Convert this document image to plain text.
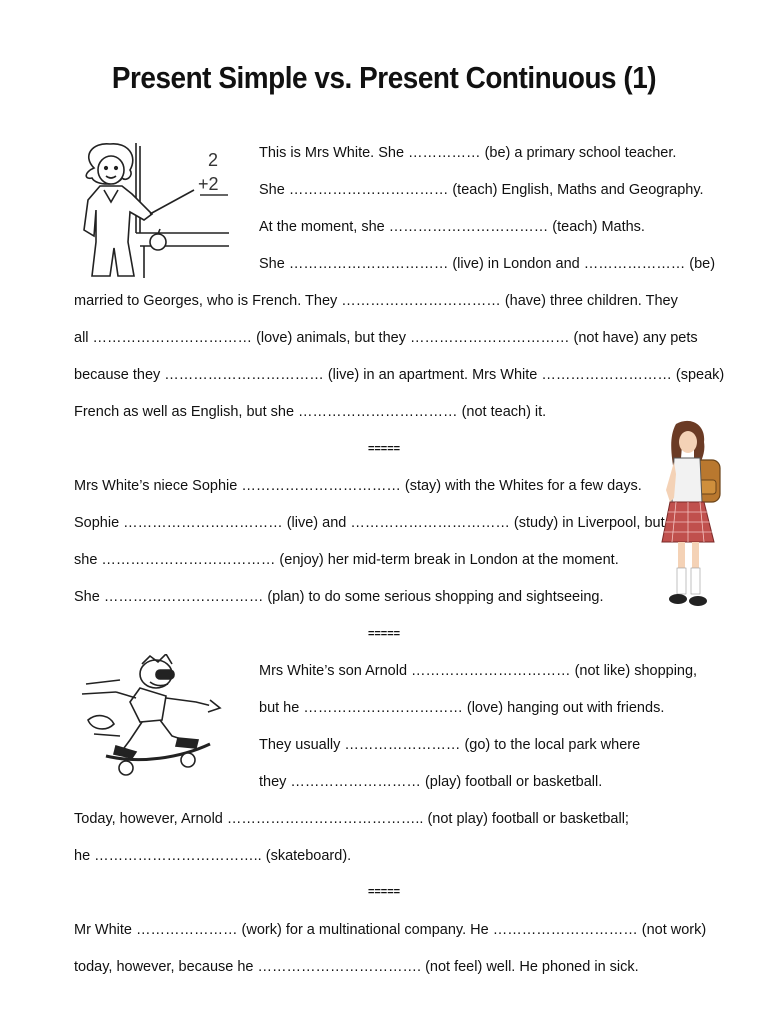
Present Simple vs. Present Continuous (1)
2
+2
This is Mrs White. She …………… (be) a primary school teacher.
She …………………………… (teach) English, Maths and Geography.
At the moment, she …………………………… (teach) Maths.
She …………………………… (live) in London and ………………… (be)
married to Georges, who is French. They …………………………… (have) three children. They
all …………………………… (love) animals, but they …………………………… (not have) any pets
because they …………………………… (live) in an apartment. Mrs White ……………………… (speak)
French as well as English, but she …………………………… (not teach) it.
=====
Mrs White’s niece Sophie …………………………… (stay) with the Whites for a few days.
Sophie …………………………… (live) and …………………………… (study) in Liverpool, but
she ……………………………… (enjoy) her mid-term break in London at the moment.
She …………………………… (plan) to do some serious shopping and sightseeing.
=====
Mrs White’s son Arnold …………………………… (not like) shopping,
but he …………………………… (love) hanging out with friends.
They usually …………………… (go) to the local park where
they ……………………… (play) football or basketball.
Today, however, Arnold ………………………………….. (not play) football or basketball;
he …………………………….. (skateboard).
=====
Mr White ………………… (work) for a multinational company. He ………………………… (not work)
today, however, because he ……………………………. (not feel) well. He phoned in sick.
